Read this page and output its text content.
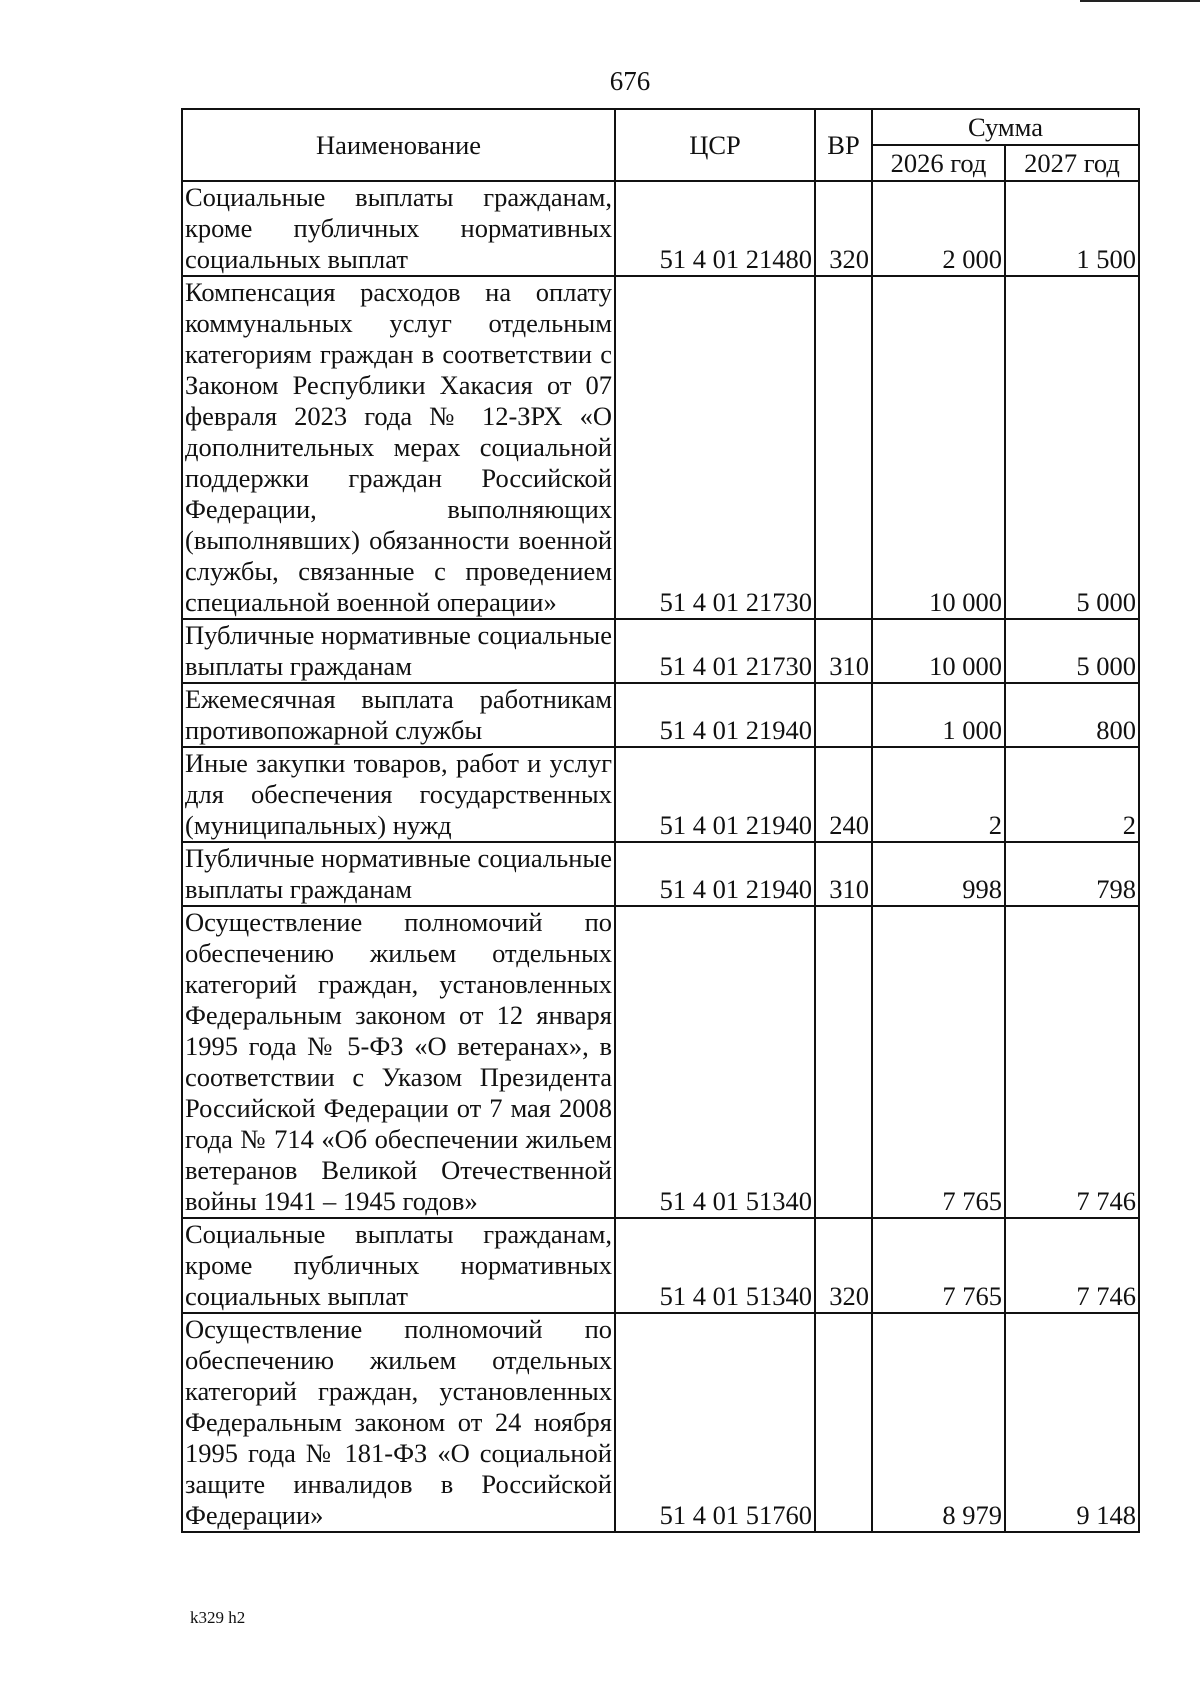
676
Наименование	ЦСР	ВР	Сумма	
			2026 год	2027 год
Социальные выплаты гражданам, кроме публичных нормативных социальных выплат	51 4 01 21480	320	2 000	1 500
Компенсация расходов на оплату коммунальных услуг отдельным категориям граждан в соответствии с Законом Республики Хакасия от 07 февраля 2023 года № 12-ЗРХ «О дополнительных мерах социальной поддержки граждан Российской Федерации, выполняющих (выполнявших) обязанности военной службы, связанные с проведением специальной военной операции»	51 4 01 21730		10 000	5 000
Публичные нормативные социальные выплаты гражданам	51 4 01 21730	310	10 000	5 000
Ежемесячная выплата работникам противопожарной службы	51 4 01 21940		1 000	800
Иные закупки товаров, работ и услуг для обеспечения государственных (муниципальных) нужд	51 4 01 21940	240	2	2
Публичные нормативные социальные выплаты гражданам	51 4 01 21940	310	998	798
Осуществление полномочий по обеспечению жильем отдельных категорий граждан, установленных Федеральным законом от 12 января 1995 года № 5-ФЗ «О ветеранах», в соответствии с Указом Президента Российской Федерации от 7 мая 2008 года № 714 «Об обеспечении жильем ветеранов Великой Отечественной войны 1941 – 1945 годов»	51 4 01 51340		7 765	7 746
Социальные выплаты гражданам, кроме публичных нормативных социальных выплат	51 4 01 51340	320	7 765	7 746
Осуществление полномочий по обеспечению жильем отдельных категорий граждан, установленных Федеральным законом от 24 ноября 1995 года № 181-ФЗ «О социальной защите инвалидов в Российской Федерации»	51 4 01 51760		8 979	9 148
k329 h2
